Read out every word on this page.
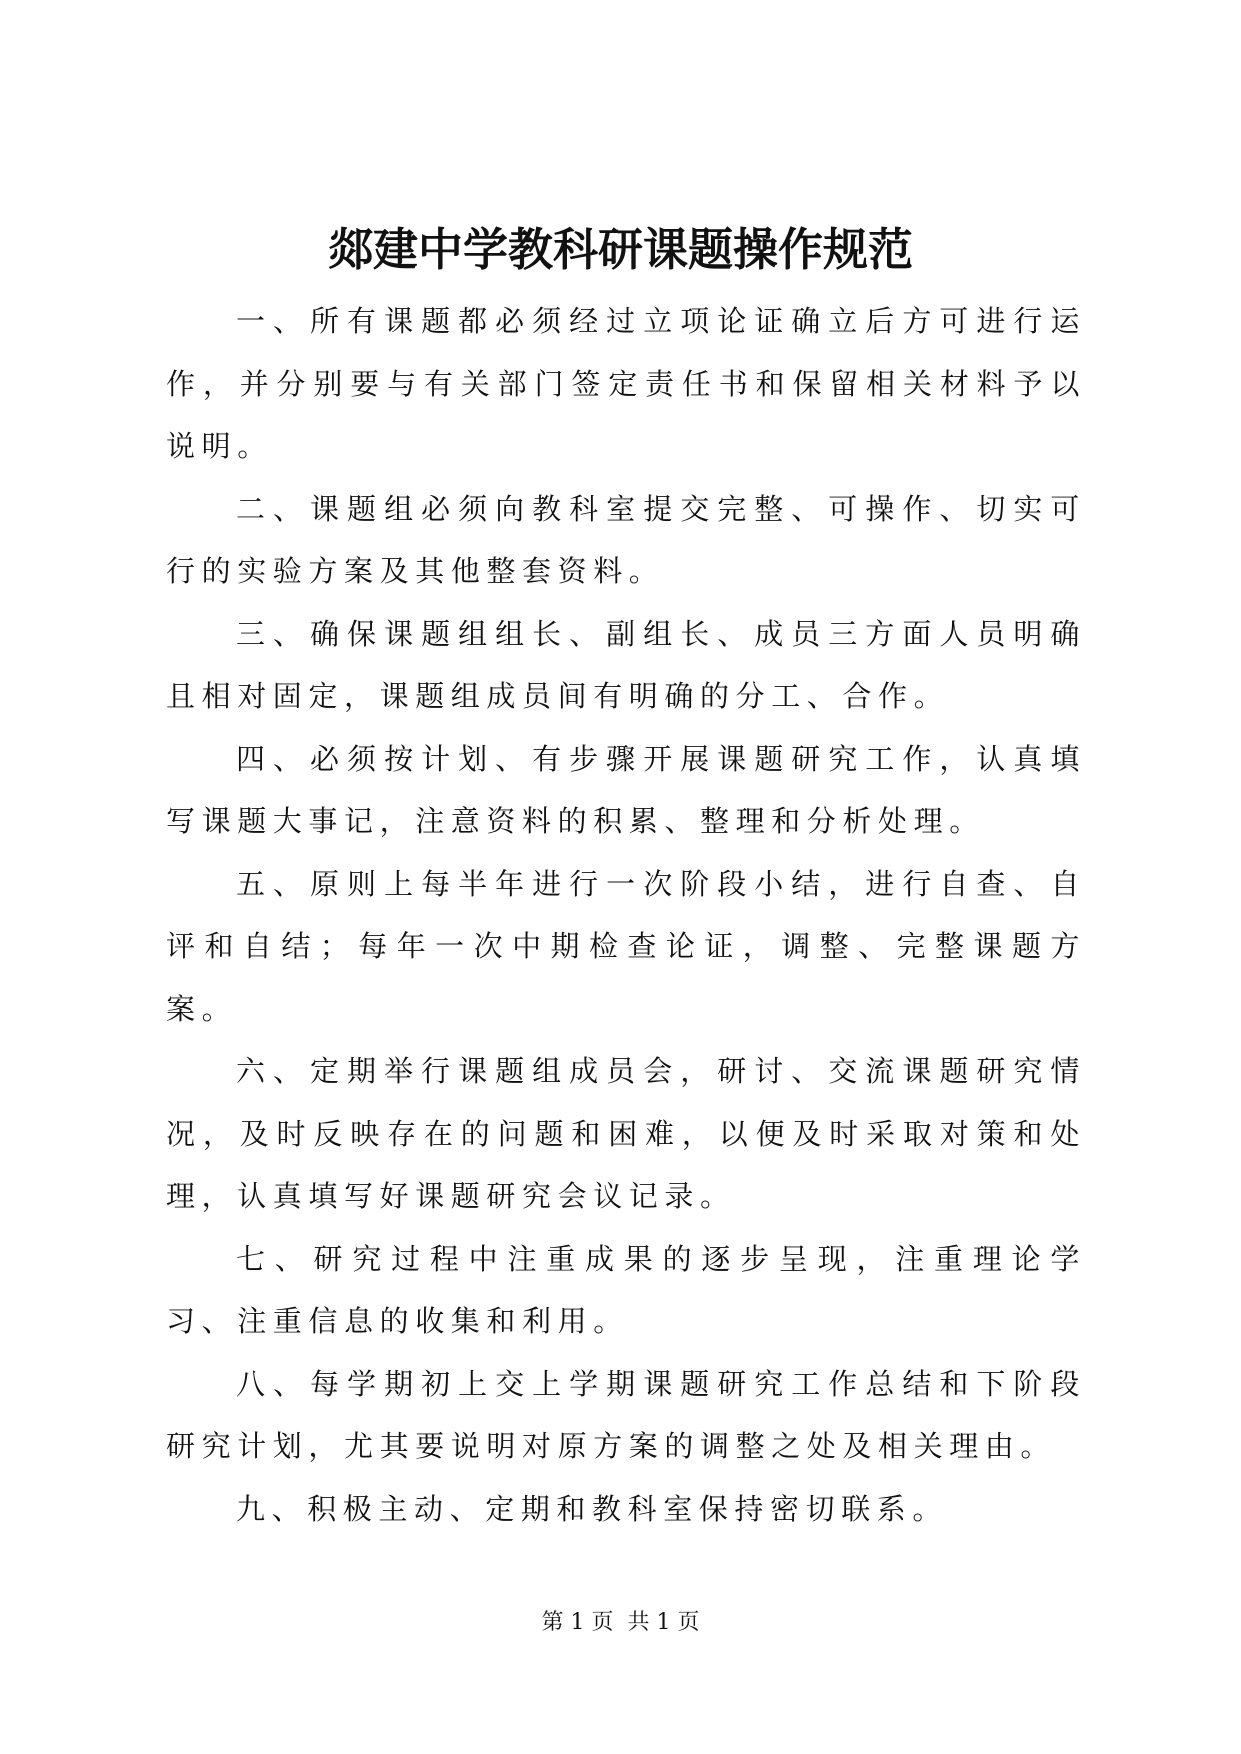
郯建中学教科研课题操作规范

一、所有课题都必须经过立项论证确立后方可进行运作，并分别要与有关部门签定责任书和保留相关材料予以说明。

二、课题组必须向教科室提交完整、可操作、切实可行的实验方案及其他整套资料。

三、确保课题组组长、副组长、成员三方面人员明确且相对固定，课题组成员间有明确的分工、合作。

四、必须按计划、有步骤开展课题研究工作，认真填写课题大事记，注意资料的积累、整理和分析处理。

五、原则上每半年进行一次阶段小结，进行自查、自评和自结；每年一次中期检查论证，调整、完整课题方案。

六、定期举行课题组成员会，研讨、交流课题研究情况，及时反映存在的问题和困难，以便及时采取对策和处理，认真填写好课题研究会议记录。

七、研究过程中注重成果的逐步呈现，注重理论学习、注重信息的收集和利用。

八、每学期初上交上学期课题研究工作总结和下阶段研究计划，尤其要说明对原方案的调整之处及相关理由。

九、积极主动、定期和教科室保持密切联系。

第 1 页 共 1 页
